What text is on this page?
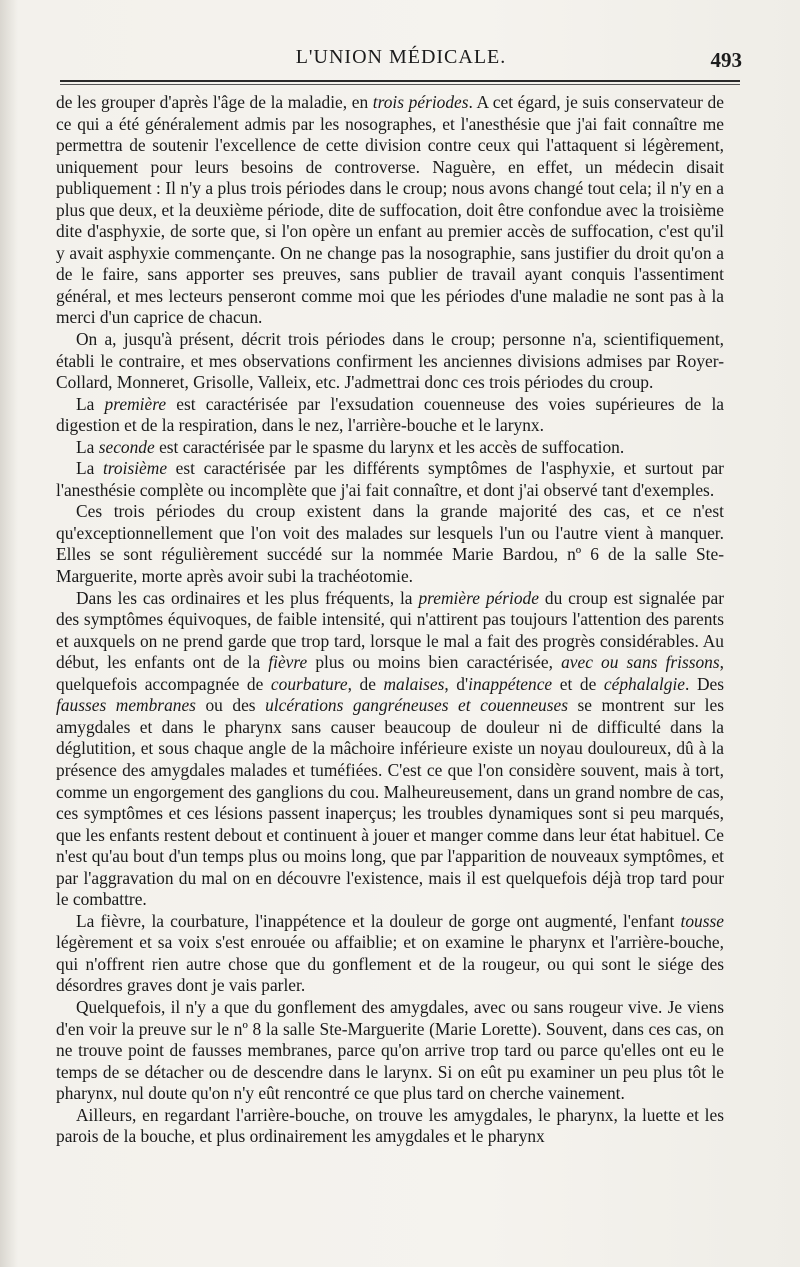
L'UNION MÉDICALE.	493

de les grouper d'après l'âge de la maladie, en trois périodes. A cet égard, je suis conservateur de ce qui a été généralement admis par les nosographes, et l'anesthésie que j'ai fait connaître me permettra de soutenir l'excellence de cette division contre ceux qui l'attaquent si légèrement, uniquement pour leurs besoins de controverse. Naguère, en effet, un médecin disait publiquement : Il n'y a plus trois périodes dans le croup; nous avons changé tout cela; il n'y en a plus que deux, et la deuxième période, dite de suffocation, doit être confondue avec la troisième dite d'asphyxie, de sorte que, si l'on opère un enfant au premier accès de suffocation, c'est qu'il y avait asphyxie commençante. On ne change pas la nosographie, sans justifier du droit qu'on a de le faire, sans apporter ses preuves, sans publier de travail ayant conquis l'assentiment général, et mes lecteurs penseront comme moi que les périodes d'une maladie ne sont pas à la merci d'un caprice de chacun.

On a, jusqu'à présent, décrit trois périodes dans le croup; personne n'a, scientifiquement, établi le contraire, et mes observations confirment les anciennes divisions admises par Royer-Collard, Monneret, Grisolle, Valleix, etc. J'admettrai donc ces trois périodes du croup.

La première est caractérisée par l'exsudation couenneuse des voies supérieures de la digestion et de la respiration, dans le nez, l'arrière-bouche et le larynx.

La seconde est caractérisée par le spasme du larynx et les accès de suffocation.

La troisième est caractérisée par les différents symptômes de l'asphyxie, et surtout par l'anesthésie complète ou incomplète que j'ai fait connaître, et dont j'ai observé tant d'exemples.

Ces trois périodes du croup existent dans la grande majorité des cas, et ce n'est qu'exceptionnellement que l'on voit des malades sur lesquels l'un ou l'autre vient à manquer. Elles se sont régulièrement succédé sur la nommée Marie Bardou, nº 6 de la salle Ste-Marguerite, morte après avoir subi la trachéotomie.

Dans les cas ordinaires et les plus fréquents, la première période du croup est signalée par des symptômes équivoques, de faible intensité, qui n'attirent pas toujours l'attention des parents et auxquels on ne prend garde que trop tard, lorsque le mal a fait des progrès considérables. Au début, les enfants ont de la fièvre plus ou moins bien caractérisée, avec ou sans frissons, quelquefois accompagnée de courbature, de malaises, d'inappétence et de céphalalgie. Des fausses membranes ou des ulcérations gangréneuses et couenneuses se montrent sur les amygdales et dans le pharynx sans causer beaucoup de douleur ni de difficulté dans la déglutition, et sous chaque angle de la mâchoire inférieure existe un noyau douloureux, dû à la présence des amygdales malades et tuméfiées. C'est ce que l'on considère souvent, mais à tort, comme un engorgement des ganglions du cou. Malheureusement, dans un grand nombre de cas, ces symptômes et ces lésions passent inaperçus; les troubles dynamiques sont si peu marqués, que les enfants restent debout et continuent à jouer et manger comme dans leur état habituel. Ce n'est qu'au bout d'un temps plus ou moins long, que par l'apparition de nouveaux symptômes, et par l'aggravation du mal on en découvre l'existence, mais il est quelquefois déjà trop tard pour le combattre.

La fièvre, la courbature, l'inappétence et la douleur de gorge ont augmenté, l'enfant tousse légèrement et sa voix s'est enrouée ou affaiblie; et on examine le pharynx et l'arrière-bouche, qui n'offrent rien autre chose que du gonflement et de la rougeur, ou qui sont le siége des désordres graves dont je vais parler.

Quelquefois, il n'y a que du gonflement des amygdales, avec ou sans rougeur vive. Je viens d'en voir la preuve sur le nº 8 la salle Ste-Marguerite (Marie Lorette). Souvent, dans ces cas, on ne trouve point de fausses membranes, parce qu'on arrive trop tard ou parce qu'elles ont eu le temps de se détacher ou de descendre dans le larynx. Si on eût pu examiner un peu plus tôt le pharynx, nul doute qu'on n'y eût rencontré ce que plus tard on cherche vainement.

Ailleurs, en regardant l'arrière-bouche, on trouve les amygdales, le pharynx, la luette et les parois de la bouche, et plus ordinairement les amygdales et le pharynx
